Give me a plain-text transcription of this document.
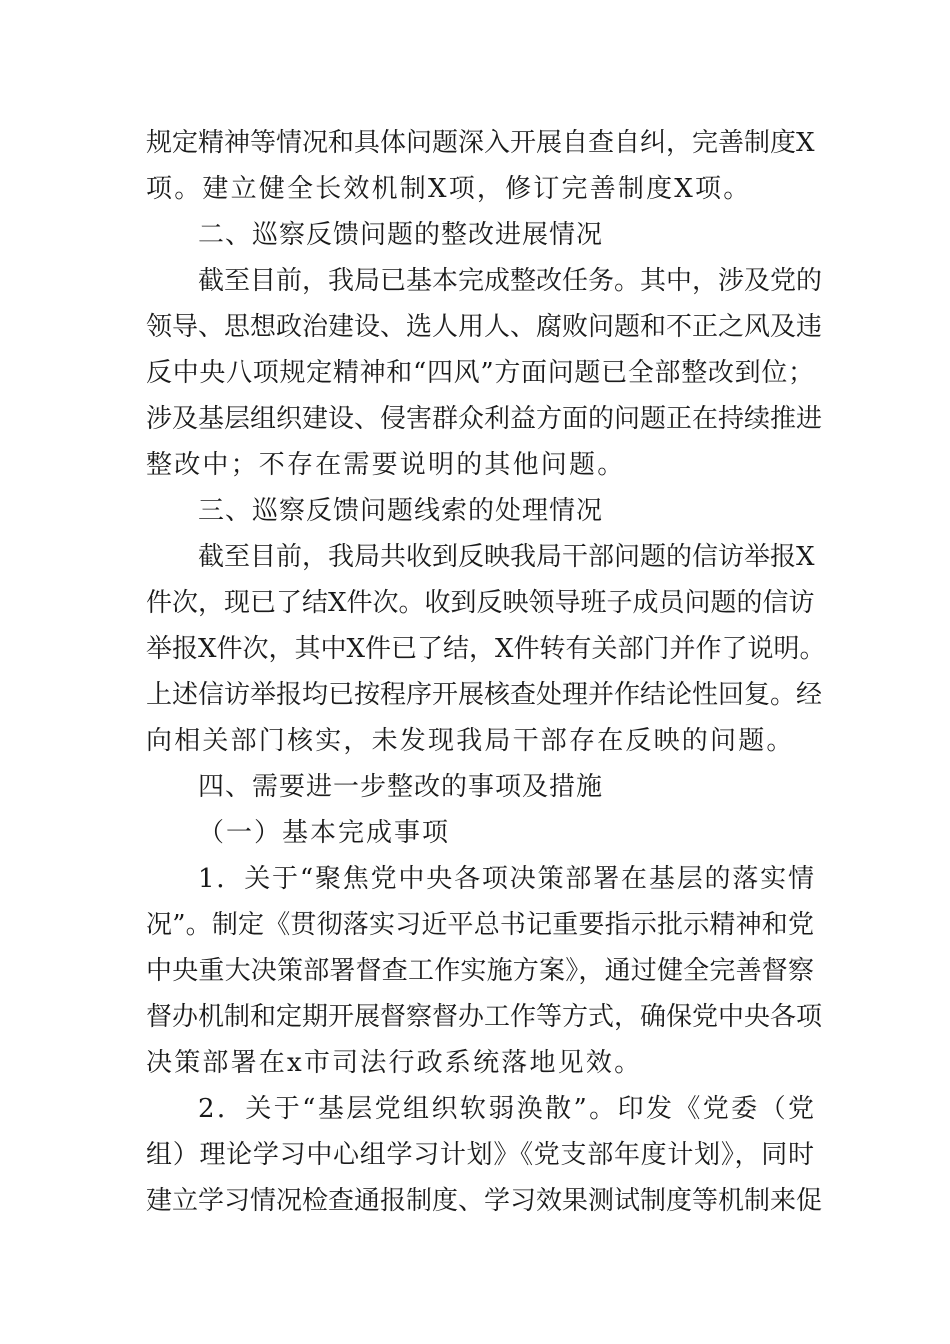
规定精神等情况和具体问题深入开展自查自纠，完善制度X
项。建立健全长效机制X项，修订完善制度X项。
二、巡察反馈问题的整改进展情况
截至目前，我局已基本完成整改任务。其中，涉及党的
领导、思想政治建设、选人用人、腐败问题和不正之风及违
反中央八项规定精神和“四风”方面问题已全部整改到位；
涉及基层组织建设、侵害群众利益方面的问题正在持续推进
整改中；不存在需要说明的其他问题。
三、巡察反馈问题线索的处理情况
截至目前，我局共收到反映我局干部问题的信访举报X
件次，现已了结X件次。收到反映领导班子成员问题的信访
举报X件次，其中X件已了结，X件转有关部门并作了说明。
上述信访举报均已按程序开展核查处理并作结论性回复。经
向相关部门核实，未发现我局干部存在反映的问题。
四、需要进一步整改的事项及措施
（一）基本完成事项
1．关于“聚焦党中央各项决策部署在基层的落实情
况”。制定《贯彻落实习近平总书记重要指示批示精神和党
中央重大决策部署督查工作实施方案》，通过健全完善督察
督办机制和定期开展督察督办工作等方式，确保党中央各项
决策部署在x市司法行政系统落地见效。
2．关于“基层党组织软弱涣散”。印发《党委（党
组）理论学习中心组学习计划》《党支部年度计划》，同时
建立学习情况检查通报制度、学习效果测试制度等机制来促
